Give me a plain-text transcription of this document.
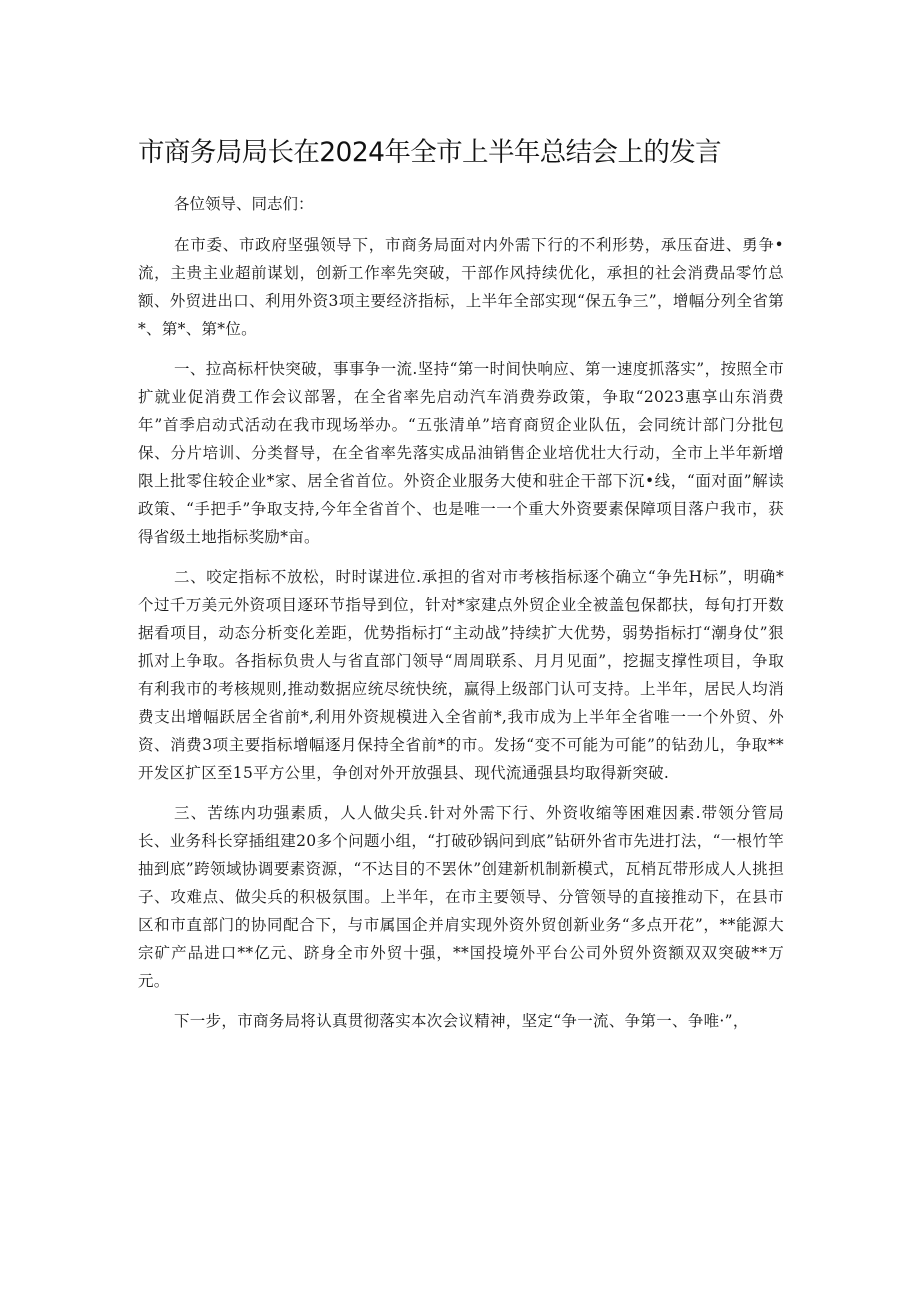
市商务局局长在2024年全市上半年总结会上的发言

各位领导、同志们：

在市委、市政府坚强领导下，市商务局面对内外需下行的不利形势，承压奋进、勇争•流，主贵主业超前谋划，创新工作率先突破，干部作风持续优化，承担的社会消费品零竹总额、外贸进出口、利用外资3项主要经济指标，上半年全部实现“保五争三”，增幅分列全省第*、第*、第*位。

一、拉高标杆快突破，事事争一流.坚持“第一时间快响应、第一速度抓落实”，按照全市扩就业促消费工作会议部署，在全省率先启动汽车消费券政策，争取“2023惠享山东消费年”首季启动式活动在我市现场举办。“五张清单”培育商贸企业队伍，会同统计部门分批包保、分片培训、分类督导，在全省率先落实成品油销售企业培优壮大行动，全市上半年新增限上批零住较企业*家、居全省首位。外资企业服务大使和驻企干部下沉•线，“面对面”解读政策、“手把手”争取支持,今年全省首个、也是唯一一个重大外资要素保障项目落户我市，获得省级土地指标奖励*亩。

二、咬定指标不放松，时时谋进位.承担的省对市考核指标逐个确立“争先H标”，明确*个过千万美元外资项目逐环节指导到位，针对*家建点外贸企业全被盖包保都扶，每旬打开数据看项目，动态分析变化差距，优势指标打“主动战”持续扩大优势，弱势指标打“潮身仗”狠抓对上争取。各指标负贵人与省直部门领导“周周联系、月月见面”，挖掘支撑性项目，争取有利我市的考核规则,推动数据应统尽统快统，赢得上级部门认可支持。上半年，居民人均消费支出增幅跃居全省前*,利用外资规模进入全省前*,我市成为上半年全省唯一一个外贸、外资、消费3项主要指标增幅逐月保持全省前*的市。发扬“变不可能为可能”的钻劲儿，争取**开发区扩区至15平方公里，争创对外开放强县、现代流通强县均取得新突破.

三、苦练内功强素质，人人做尖兵.针对外需下行、外资收缩等困难因素.带领分管局长、业务科长穿插组建20多个问题小组，“打破砂锅问到底”钻研外省市先进打法，“一根竹竿抽到底”跨领域协调要素资源，“不达目的不罢休”创建新机制新模式，瓦梢瓦带形成人人挑担子、攻难点、做尖兵的积极氛围。上半年，在市主要领导、分管领导的直接推动下，在县市区和市直部门的协同配合下，与市属国企并肩实现外资外贸创新业务“多点开花”，**能源大宗矿产品进口**亿元、跻身全市外贸十强，**国投境外平台公司外贸外资额双双突破**万元。

下一步，市商务局将认真贯彻落实本次会议精神，坚定“争一流、争第一、争唯·”，
